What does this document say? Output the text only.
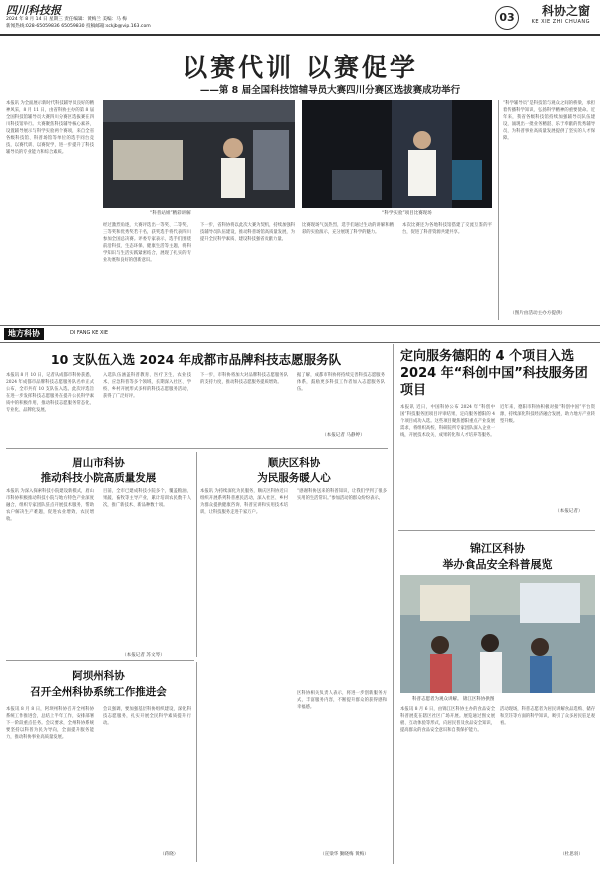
四川科技报
2024 年 8 月 14 日 星期三 责任编辑：黄梅兰 美编：马 梅
新闻热线:028-65059836 65059830 投稿邮箱:sckjb@vip.163.com
03	科协之窗
KE XIE ZHI CHUANG
以赛代训 以赛促学
——第 8 届全国科技馆辅导员大赛四川分赛区选拔赛成功举行
本报讯 为全面展示新时代科技辅导员良好的精神风采，8 月 11 日，由省科协主办的第 8 届全国科技馆辅导员大赛四川分赛区选拔赛在四川科技馆举行。大赛聚焦科技辅导核心素养，设置辅导展示与科学实验两个赛项，来自全省各级科技馆、科普场馆等单位的选手同台竞技，以赛代训、以赛促学，进一步提升了科技辅导员的专业能力和综合素质。
“科普站姐”精彩讲解	“科学实验”项目比赛现场
经过激烈角逐，大赛评选出一等奖、二等奖、三等奖和优秀奖若干名，获奖选手将代表四川参加全国总决赛。评委专家表示，选手们围绕前沿科技、生态环保、健康生活等主题，将科学知识与生活实践紧密结合，展现了扎实的专业功底和良好的创新意识。
下一步，省科协将以此次大赛为契机，持续加强科技辅导员队伍建设，推动科普场馆高质量发展，为提升全民科学素质、建设科技强省贡献力量。
比赛现场气氛热烈，选手们通过生动的讲解和精彩的实验演示，充分展现了科学的魅力。
本次比赛还为各地科技馆搭建了交流互鉴的平台，促进了科普资源共建共享。
“科学辅导员”是科技馆与观众之间的桥梁，承担着传播科学知识、弘扬科学精神的重要使命。近年来，我省各级科技馆持续加强辅导员队伍建设，涌现出一批业务精湛、乐于奉献的优秀辅导员，为科普事业高质量发展提供了坚实的人才保障。
（图片由活动主办方提供）
地方科协	DI FANG KE XIE
10 支队伍入选 2024 年成都市品牌科技志愿服务队
本报讯 8 月 10 日，记者从成都市科协获悉，2024 年成都市品牌科技志愿服务队名单正式公布，全市共有 10 支队伍入选。此次评选旨在进一步发挥科技志愿服务在提升公民科学素质中的积极作用，推动科技志愿服务常态化、专业化、品牌化发展。
入选队伍涵盖科普教育、医疗卫生、农业技术、应急科普等多个领域，长期深入社区、学校、乡村开展形式多样的科技志愿服务活动，获得了广泛好评。
下一步，市科协将加大对品牌科技志愿服务队的支持力度，推动科技志愿服务提质增效。
据了解，成都市科协将持续完善科技志愿服务体系，鼓励更多科技工作者加入志愿服务队伍。
（本报记者 马静婷）
定向服务德阳的 4 个项目入选 2024 年“科创中国”科技服务团项目
本报讯 近日，中国科协公布 2024 年“科创中国”科技服务团项目评审结果，定向服务德阳的 4 个项目成功入选。这些项目聚焦德阳重点产业发展需求，将组织高校、科研院所专家团队深入企业一线，开展技术攻关、成果转化和人才培养等服务。
近年来，德阳市科协积极对接“科创中国”平台资源，持续深化科技经济融合发展，助力地方产业转型升级。
（本报记者）
眉山市科协
推动科技小院高质量发展
本报讯 为深入探索科技小院建设新模式，眉山市科协积极推动科技小院与地方特色产业深度融合，组织专家团队驻点开展技术服务，帮助农户解决生产难题，促进农业增效、农民增收。
目前，全市已建成科技小院多个，覆盖粮油、果蔬、畜牧等主导产业，累计培训农民数千人次，推广新技术、新品种数十项。
（本报记者 苏文琴）
顺庆区科协
为民服务暖人心
本报讯 为持续深化为民服务，顺庆区科协近日组织开展系列科普惠民活动，深入社区、乡村为群众提供健康咨询、科普宣讲和实用技术培训，让科技服务走进千家万户。
“感谢科协送来的科普知识，让我们学到了很多实用的生活常识。”参加活动的群众纷纷表示。
区科协相关负责人表示，将进一步创新服务方式，丰富服务内容，不断提升群众的获得感和幸福感。
（宣梁华 勤晓梅 黄梅）
阿坝州科协
召开全州科协系统工作推进会
本报讯 8 月 8 日，阿坝州科协召开全州科协系统工作推进会，总结上半年工作，安排部署下一阶段重点任务。会议要求，全州科协系统要坚持以科普为民为导向，全面提升服务能力，推动科协事业高质量发展。
会议强调，要加强基层科协组织建设，深化科技志愿服务，扎实开展全民科学素质提升行动。
（蒋晓）
锦江区科协
举办食品安全科普展览
科普志愿者为观众讲解。 锦江区科协供图
本报讯 8 月 6 日，由锦江区科协主办的食品安全科普展览在辖区社区广场开展。展览通过图文展板、互动体验等形式，向居民普及食品安全知识，提高群众的食品安全意识和自我保护能力。
活动现场，科普志愿者为居民讲解食品选购、储存和烹饪等方面的科学知识，吸引了众多居民驻足观看。
（杜思羽）
